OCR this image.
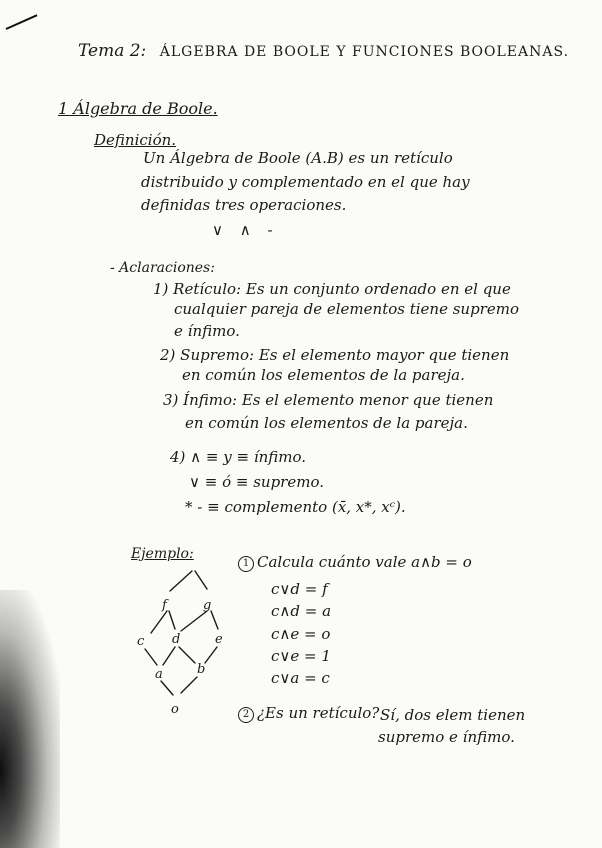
Tema 2: ÁLGEBRA DE BOOLE Y FUNCIONES BOOLEANAS.
1 Álgebra de Boole.
Definición.
Un Álgebra de Boole (A.B) es un retículo
distribuido y complementado en el que hay
definidas tres operaciones.
∨ ∧ -
- Aclaraciones:
1) Retículo: Es un conjunto ordenado en el que
cualquier pareja de elementos tiene supremo
e ínfimo.
2) Supremo: Es el elemento mayor que tienen
en común los elementos de la pareja.
3) Ínfimo: Es el elemento menor que tienen
en común los elementos de la pareja.
4) ∧ ≡ y ≡ ínfimo.
∨ ≡ ó ≡ supremo.
* - ≡ complemento (x̄, x*, xᶜ).
Ejemplo:
f	g
c d	e
a	b
o
1 Calcula cuánto vale a∧b = o
c∨d = f
c∧d = a
c∧e = o
c∨e = 1
c∨a = c
2 ¿Es un retículo? Sí, dos elem tienen
supremo e ínfimo.
